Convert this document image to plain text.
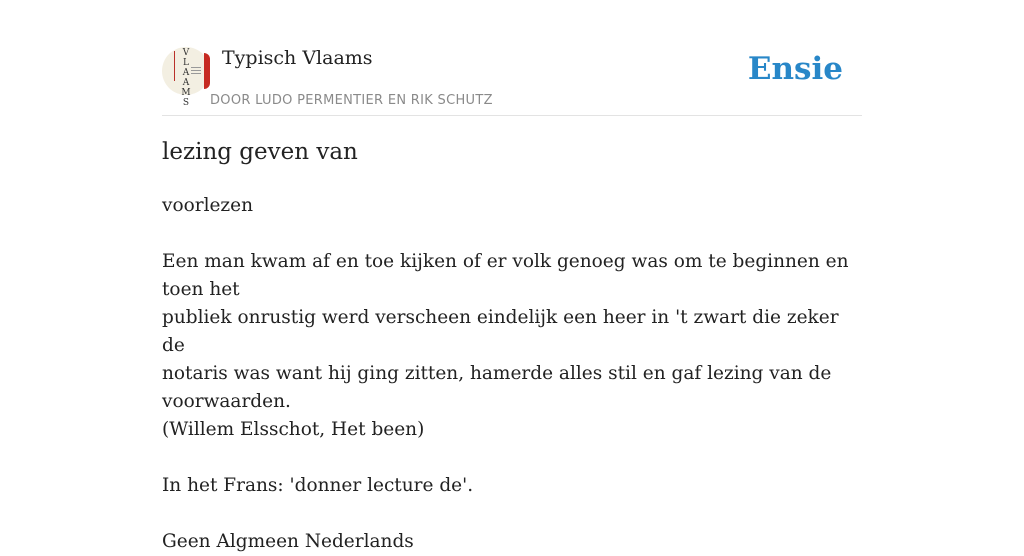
V
L
A
A
M
S
Typisch Vlaams
DOOR LUDO PERMENTIER EN RIK SCHUTZ
Ensie
lezing geven van

voorlezen

Een man kwam af en toe kijken of er volk genoeg was om te beginnen en toen het

publiek onrustig werd verscheen eindelijk een heer in 't zwart die zeker de

notaris was want hij ging zitten, hamerde alles stil en gaf lezing van de

voorwaarden.

(Willem Elsschot, Het been)

In het Frans: 'donner lecture de'.

Geen Algmeen Nederlands
